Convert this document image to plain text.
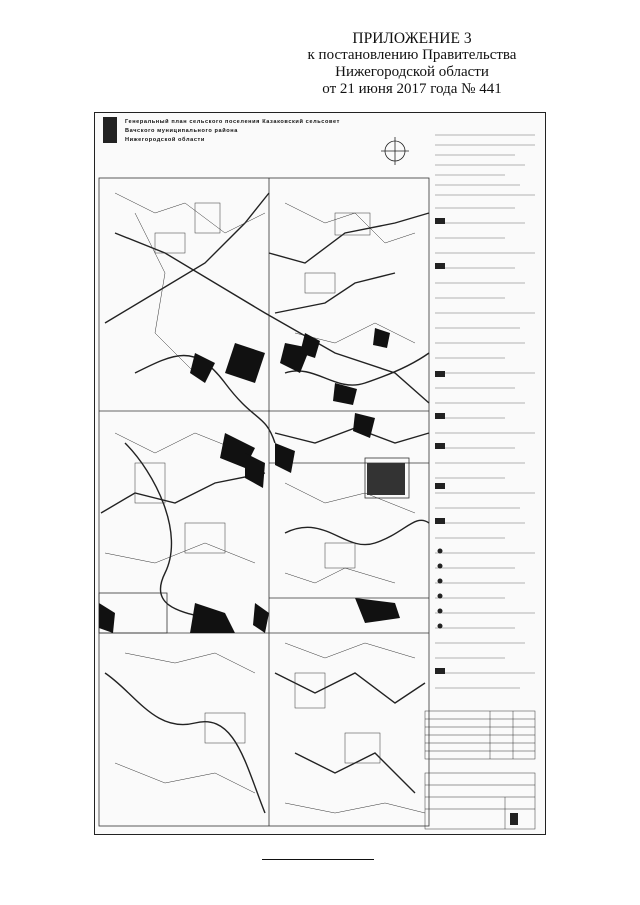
ПРИЛОЖЕНИЕ 3
к постановлению Правительства
Нижегородской области
от 21 июня 2017 года № 441
Генеральный план сельского поселения Казаковский сельсовет
Вачского муниципального района
Нижегородской области
